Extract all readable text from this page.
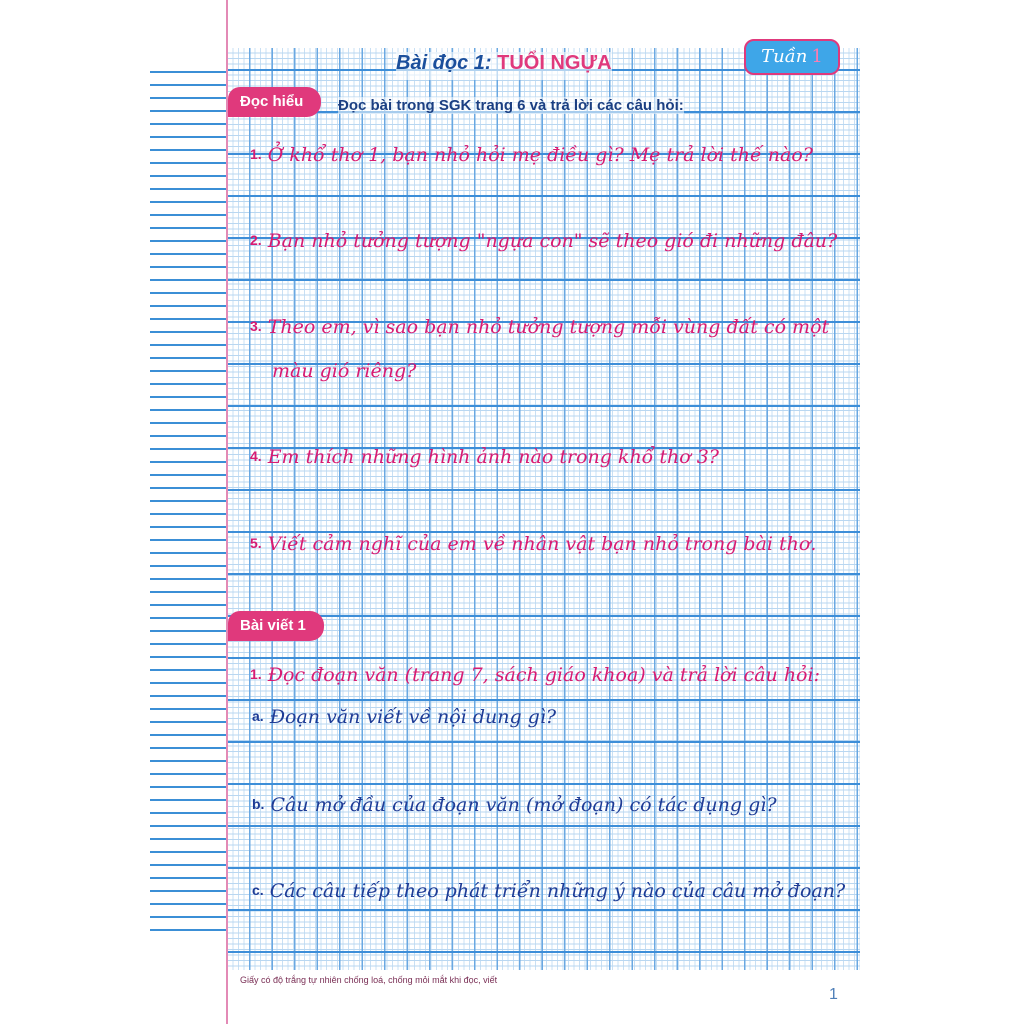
Bài đọc 1: TUỔI NGỰA	Tuần 1
Đọc hiểu	Đọc bài trong SGK trang 6 và trả lời các câu hỏi:
1. Ở khổ thơ 1, bạn nhỏ hỏi mẹ điều gì? Mẹ trả lời thế nào?
2. Bạn nhỏ tưởng tượng "ngựa con" sẽ theo gió đi những đâu?
3. Theo em, vì sao bạn nhỏ tưởng tượng mỗi vùng đất có một
màu gió riêng?
4. Em thích những hình ảnh nào trong khổ thơ 3?
5. Viết cảm nghĩ của em về nhân vật bạn nhỏ trong bài thơ.
Bài viết 1
1. Đọc đoạn văn (trang 7, sách giáo khoa) và trả lời câu hỏi:
a. Đoạn văn viết về nội dung gì?
b. Câu mở đầu của đoạn văn (mở đoạn) có tác dụng gì?
c. Các câu tiếp theo phát triển những ý nào của câu mở đoạn?
Giấy có độ trắng tự nhiên chống loá, chống mỏi mắt khi đọc, viết
1
